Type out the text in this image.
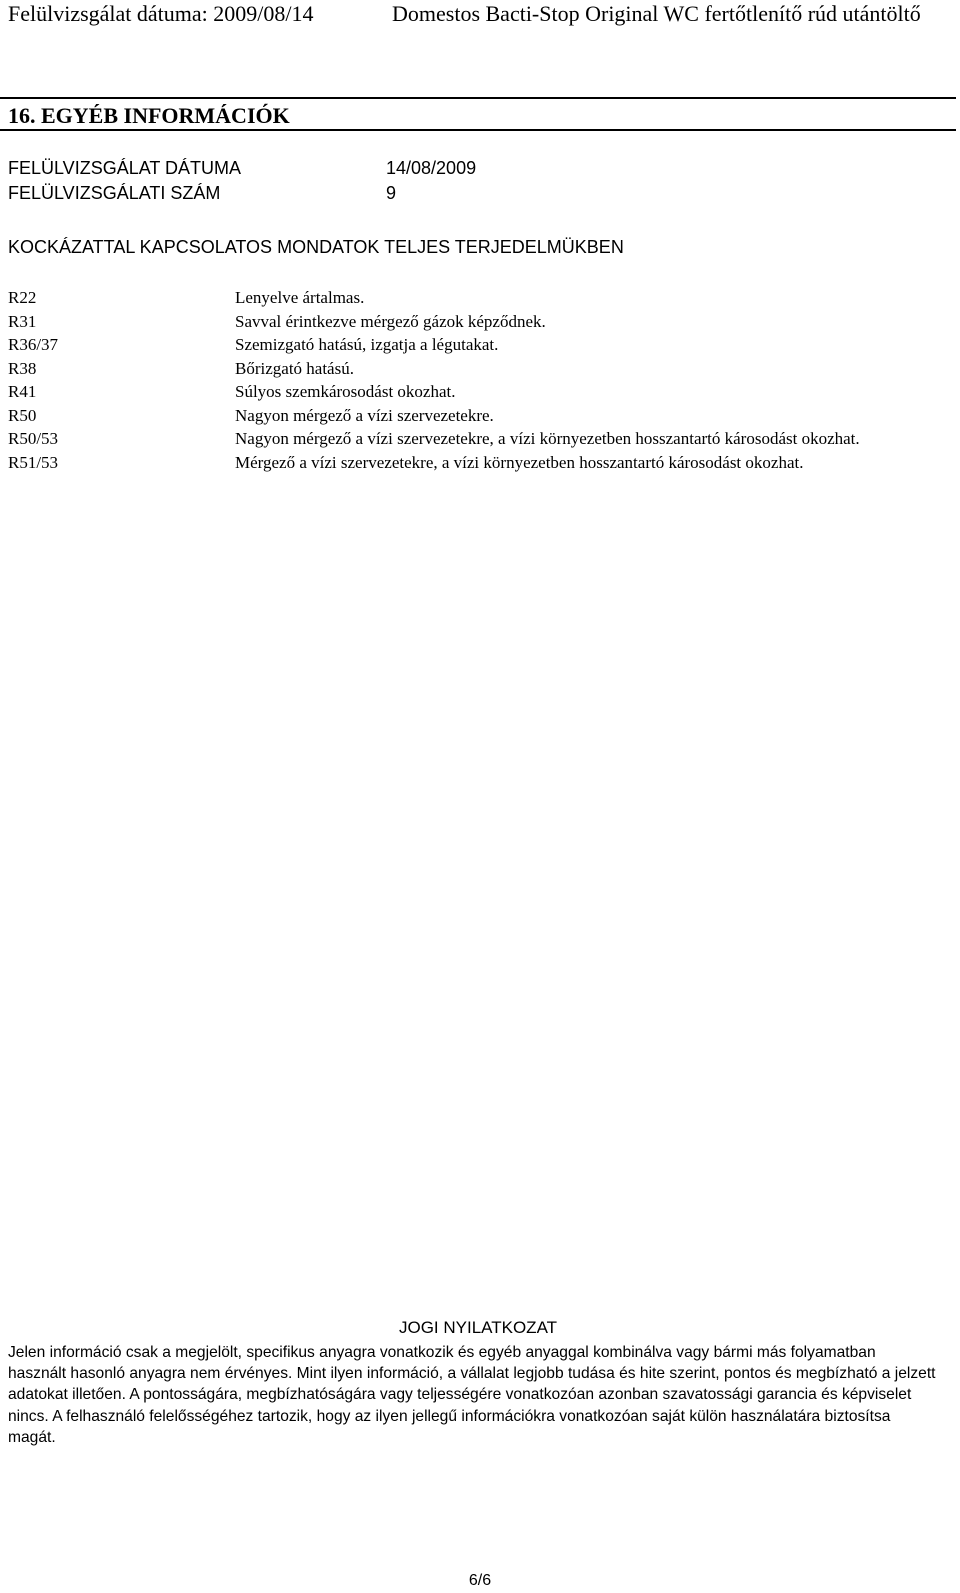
Felülvizsgálat dátuma: 2009/08/14	Domestos Bacti-Stop Original WC fertőtlenítő rúd utántöltő
16. EGYÉB INFORMÁCIÓK
FELÜLVIZSGÁLAT DÁTUMA	14/08/2009
FELÜLVIZSGÁLATI SZÁM	9
KOCKÁZATTAL KAPCSOLATOS MONDATOK TELJES TERJEDELMÜKBEN
R22	Lenyelve ártalmas.
R31	Savval érintkezve mérgező gázok képződnek.
R36/37	Szemizgató hatású, izgatja a légutakat.
R38	Bőrizgató hatású.
R41	Súlyos szemkárosodást okozhat.
R50	Nagyon mérgező a vízi szervezetekre.
R50/53	Nagyon mérgező a vízi szervezetekre, a vízi környezetben hosszantartó károsodást okozhat.
R51/53	Mérgező a vízi szervezetekre, a vízi környezetben hosszantartó károsodást okozhat.
JOGI NYILATKOZAT
Jelen információ csak a megjelölt, specifikus anyagra vonatkozik és egyéb anyaggal kombinálva vagy bármi más folyamatban használt hasonló anyagra nem érvényes. Mint ilyen információ, a vállalat legjobb tudása és hite szerint, pontos és megbízható a jelzett adatokat illetően. A pontosságára, megbízhatóságára vagy teljességére vonatkozóan azonban szavatossági garancia és képviselet nincs. A felhasználó felelősségéhez tartozik, hogy az ilyen jellegű információkra vonatkozóan saját külön használatára biztosítsa magát.
6/6
